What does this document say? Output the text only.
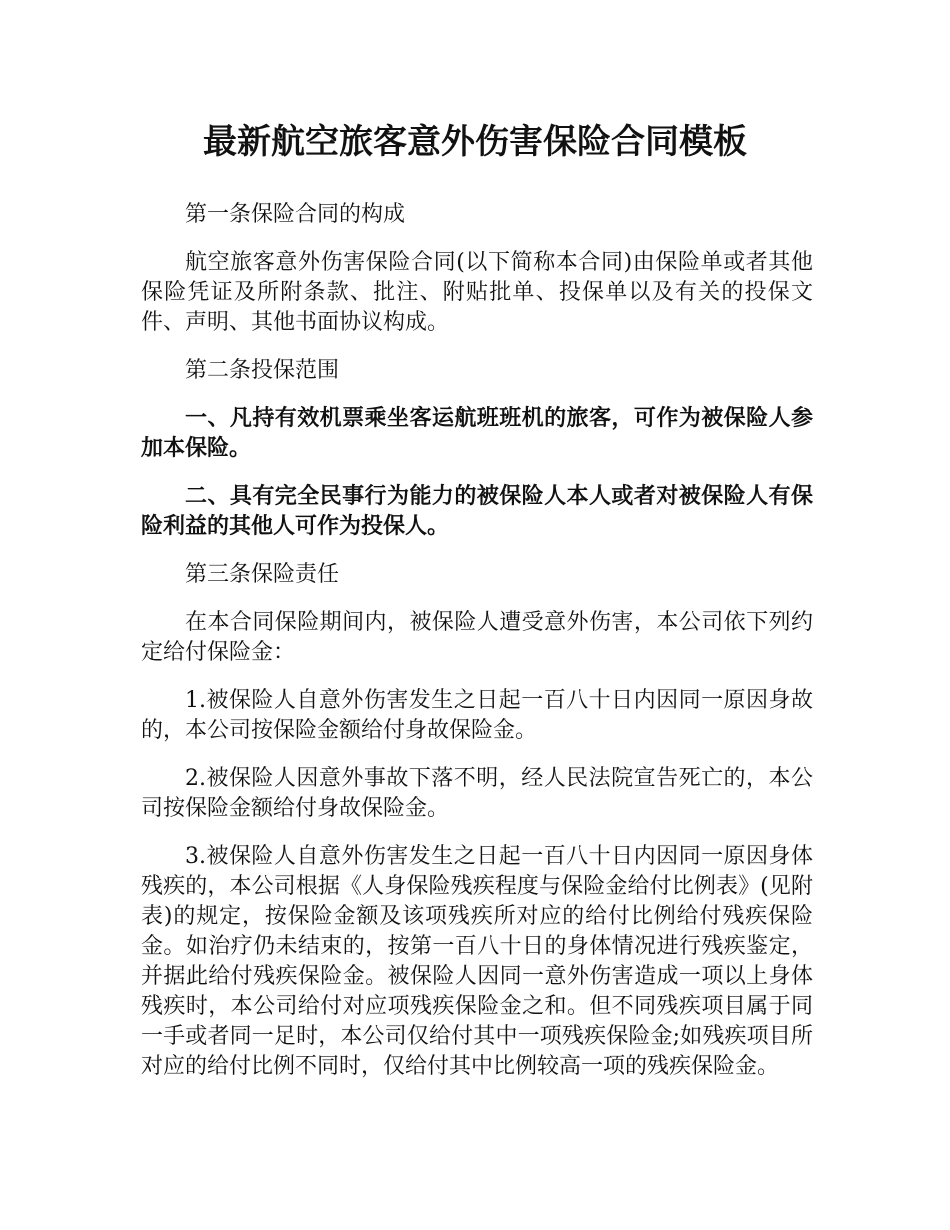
最新航空旅客意外伤害保险合同模板

第一条保险合同的构成

航空旅客意外伤害保险合同(以下简称本合同)由保险单或者其他保险凭证及所附条款、批注、附贴批单、投保单以及有关的投保文件、声明、其他书面协议构成。

第二条投保范围

一、凡持有效机票乘坐客运航班班机的旅客，可作为被保险人参加本保险。

二、具有完全民事行为能力的被保险人本人或者对被保险人有保险利益的其他人可作为投保人。

第三条保险责任

在本合同保险期间内，被保险人遭受意外伤害，本公司依下列约定给付保险金：

1.被保险人自意外伤害发生之日起一百八十日内因同一原因身故的，本公司按保险金额给付身故保险金。

2.被保险人因意外事故下落不明，经人民法院宣告死亡的，本公司按保险金额给付身故保险金。

3.被保险人自意外伤害发生之日起一百八十日内因同一原因身体残疾的，本公司根据《人身保险残疾程度与保险金给付比例表》(见附表)的规定，按保险金额及该项残疾所对应的给付比例给付残疾保险金。如治疗仍未结束的，按第一百八十日的身体情况进行残疾鉴定，并据此给付残疾保险金。被保险人因同一意外伤害造成一项以上身体残疾时，本公司给付对应项残疾保险金之和。但不同残疾项目属于同一手或者同一足时，本公司仅给付其中一项残疾保险金;如残疾项目所对应的给付比例不同时，仅给付其中比例较高一项的残疾保险金。
